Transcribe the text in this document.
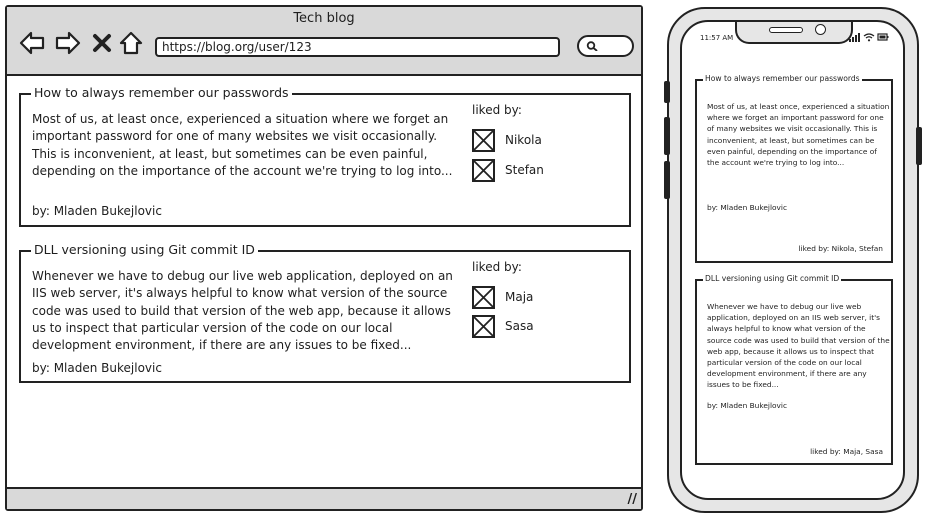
Tech blog
https://blog.org/user/123
How to always remember our passwords
Most of us, at least once, experienced a situation where we forget an important password for one of many websites we visit occasionally. This is inconvenient, at least, but sometimes can be even painful, depending on the importance of the account we're trying to log into...
by: Mladen Bukejlovic
liked by:
Nikola
Stefan
DLL versioning using Git commit ID
Whenever we have to debug our live web application, deployed on an IIS web server, it's always helpful to know what version of the source code was used to build that version of the web app, because it allows us to inspect that particular version of the code on our local development environment, if there are any issues to be fixed...
by: Mladen Bukejlovic
liked by:
Maja
Sasa
//
11:57 AM
How to always remember our passwords
Most of us, at least once, experienced a situation where we forget an important password for one of many websites we visit occasionally. This is inconvenient, at least, but sometimes can be even painful, depending on the importance of the account we're trying to log into...
by: Mladen Bukejlovic
liked by: Nikola, Stefan
DLL versioning using Git commit ID
Whenever we have to debug our live web application, deployed on an IIS web server, it's always helpful to know what version of the source code was used to build that version of the web app, because it allows us to inspect that particular version of the code on our local development environment, if there are any issues to be fixed...
by: Mladen Bukejlovic
liked by: Maja, Sasa
